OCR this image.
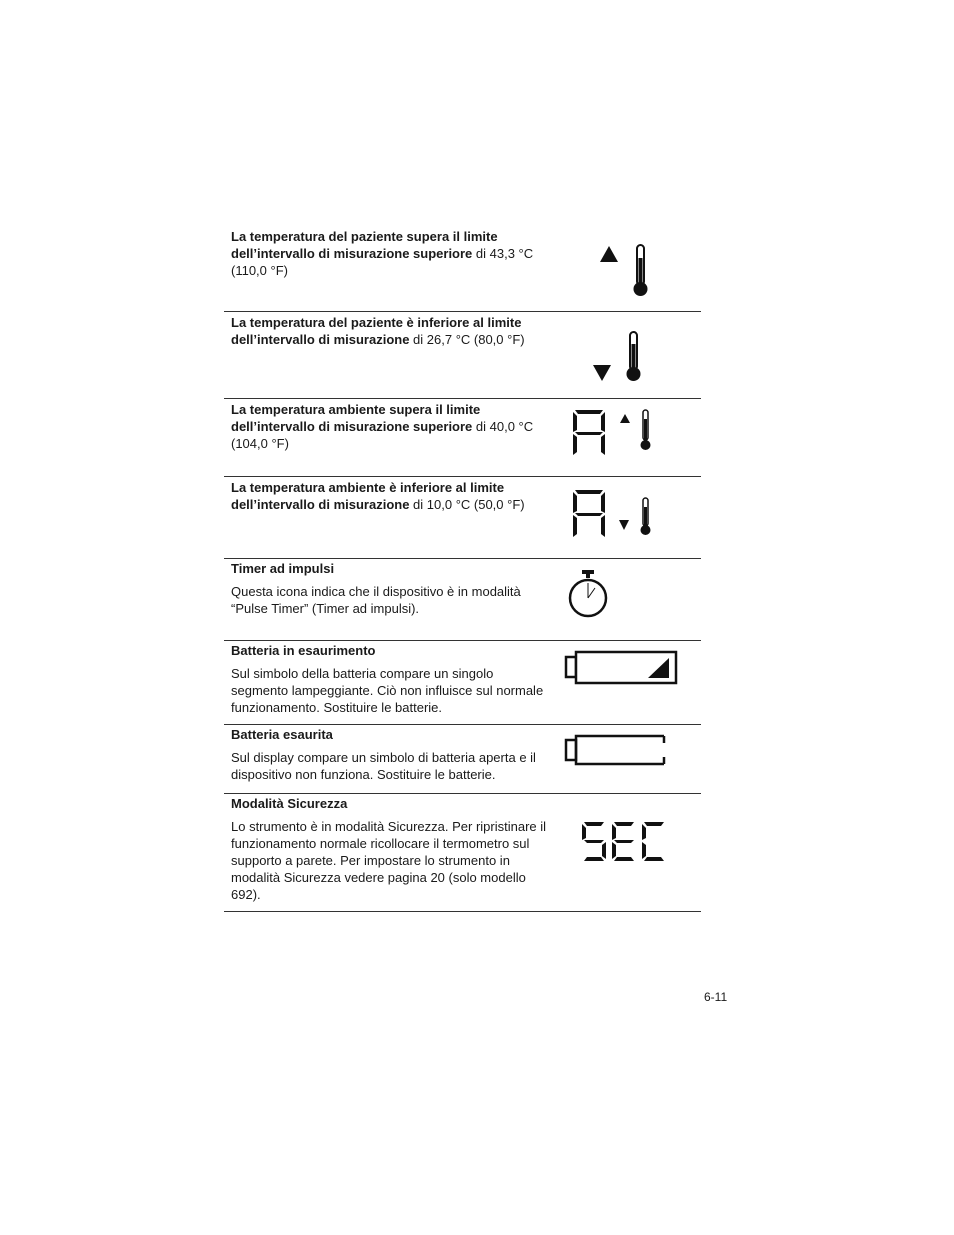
La temperatura del paziente supera il limite dell’intervallo di misurazione superiore di 43,3 °C (110,0 °F)
La temperatura del paziente è inferiore al limite dell’intervallo di misurazione di 26,7 °C (80,0 °F)
La temperatura ambiente supera il limite dell’intervallo di misurazione superiore di 40,0 °C (104,0 °F)
La temperatura ambiente è inferiore al limite dell’intervallo di misurazione di 10,0 °C (50,0 °F)
Timer ad impulsi
Questa icona indica che il dispositivo è in modalità “Pulse Timer” (Timer ad impulsi).
Batteria in esaurimento
Sul simbolo della batteria compare un singolo segmento lampeggiante. Ciò non influisce sul normale funzionamento. Sostituire le batterie.
Batteria esaurita
Sul display compare un simbolo di batteria aperta e il dispositivo non funziona. Sostituire le batterie.
Modalità Sicurezza
Lo strumento è in modalità Sicurezza. Per ripristinare il funzionamento normale ricollocare il termometro sul supporto a parete. Per impostare lo strumento in modalità Sicurezza vedere pagina 20 (solo modello 692).
6-11
